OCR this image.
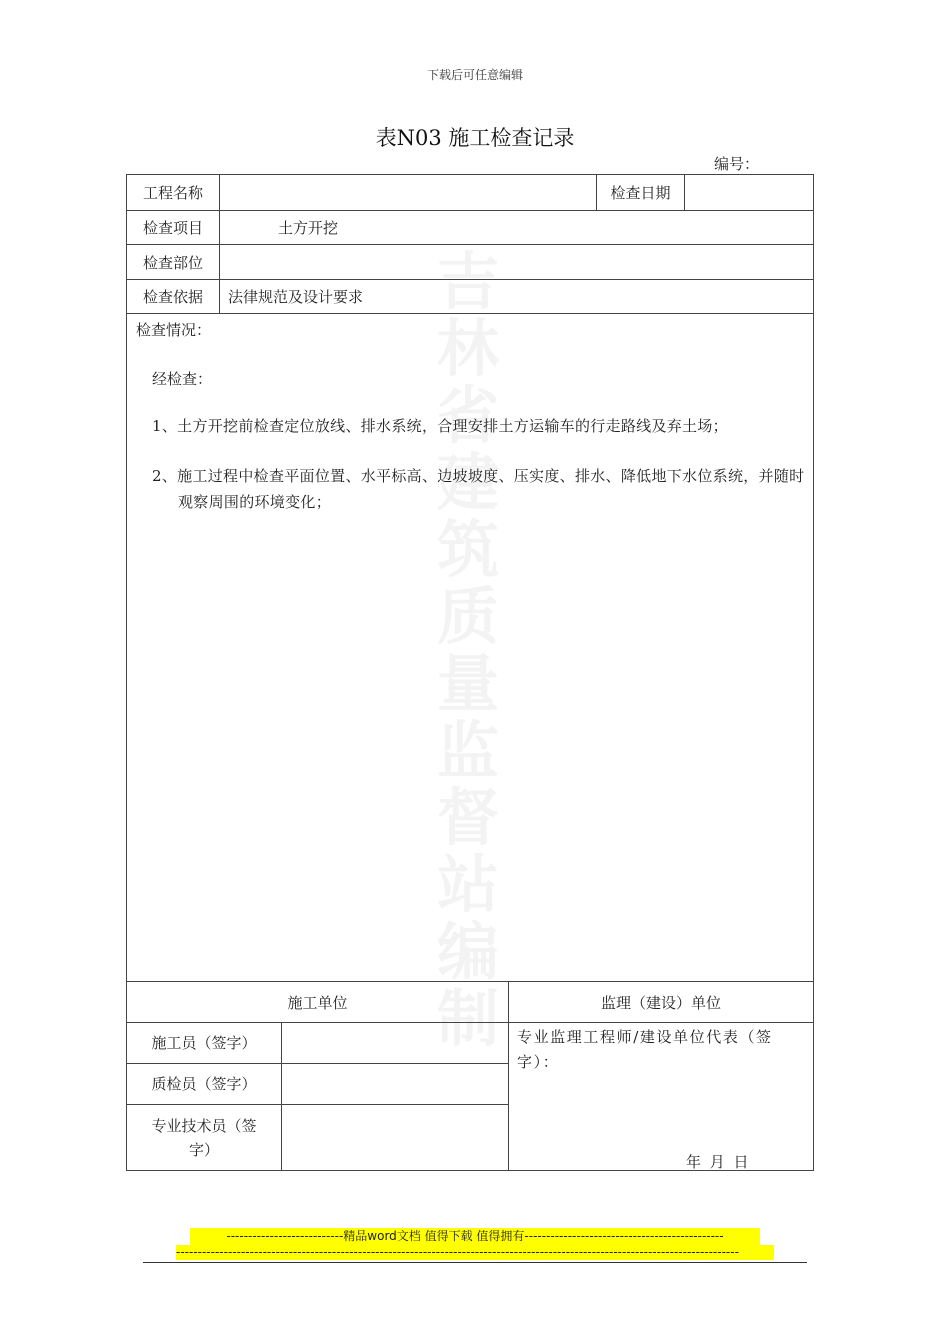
下载后可任意编辑
表N03 施工检查记录
编号：
吉
林
省
建
筑
质
量
监
督
站
编
制
工程名称	检查日期
检查项目	土方开挖
检查部位
检查依据	法律规范及设计要求
检查情况：
经检查：
1、土方开挖前检查定位放线、排水系统，合理安排土方运输车的行走路线及弃土场；
2、施工过程中检查平面位置、水平标高、边坡坡度、压实度、排水、降低地下水位系统，并随时观察周围的环境变化；
施工单位	监理（建设）单位
施工员（签字）
质检员（签字）
专业技术员（签字）
专业监理工程师/建设单位代表（签字）：
年 月 日
---------------------------精品word文档 值得下载 值得拥有----------------------------------------------
----------------------------------------------------------------------------------------------------------------------------------
